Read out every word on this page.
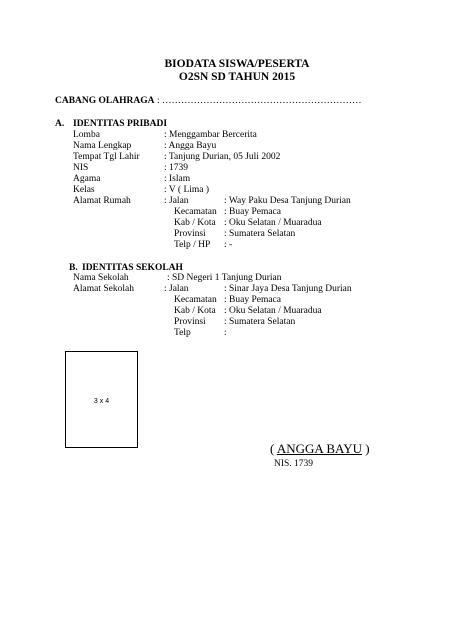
BIODATA SISWA/PESERTA
O2SN SD TAHUN 2015
CABANG OLAHRAGA : ………………………………………………………
A. IDENTITAS PRIBADI
Lomba	: Menggambar Bercerita
Nama Lengkap	: Angga Bayu
Tempat Tgl Lahir	: Tanjung Durian, 05 Juli 2002
NIS	: 1739
Agama	: Islam
Kelas	: V ( Lima )
Alamat Rumah	: Jalan	: Way Paku Desa Tanjung Durian
Kecamatan : Buay Pemaca
Kab / Kota : Oku Selatan / Muaradua
Provinsi : Sumatera Selatan
Telp / HP : -
B. IDENTITAS SEKOLAH
Nama Sekolah	: SD Negeri 1 Tanjung Durian
Alamat Sekolah	: Jalan	: Sinar Jaya Desa Tanjung Durian
Kecamatan : Buay Pemaca
Kab / Kota : Oku Selatan / Muaradua
Provinsi : Sumatera Selatan
Telp	:
3 x 4
( ANGGA BAYU )
NIS. 1739
